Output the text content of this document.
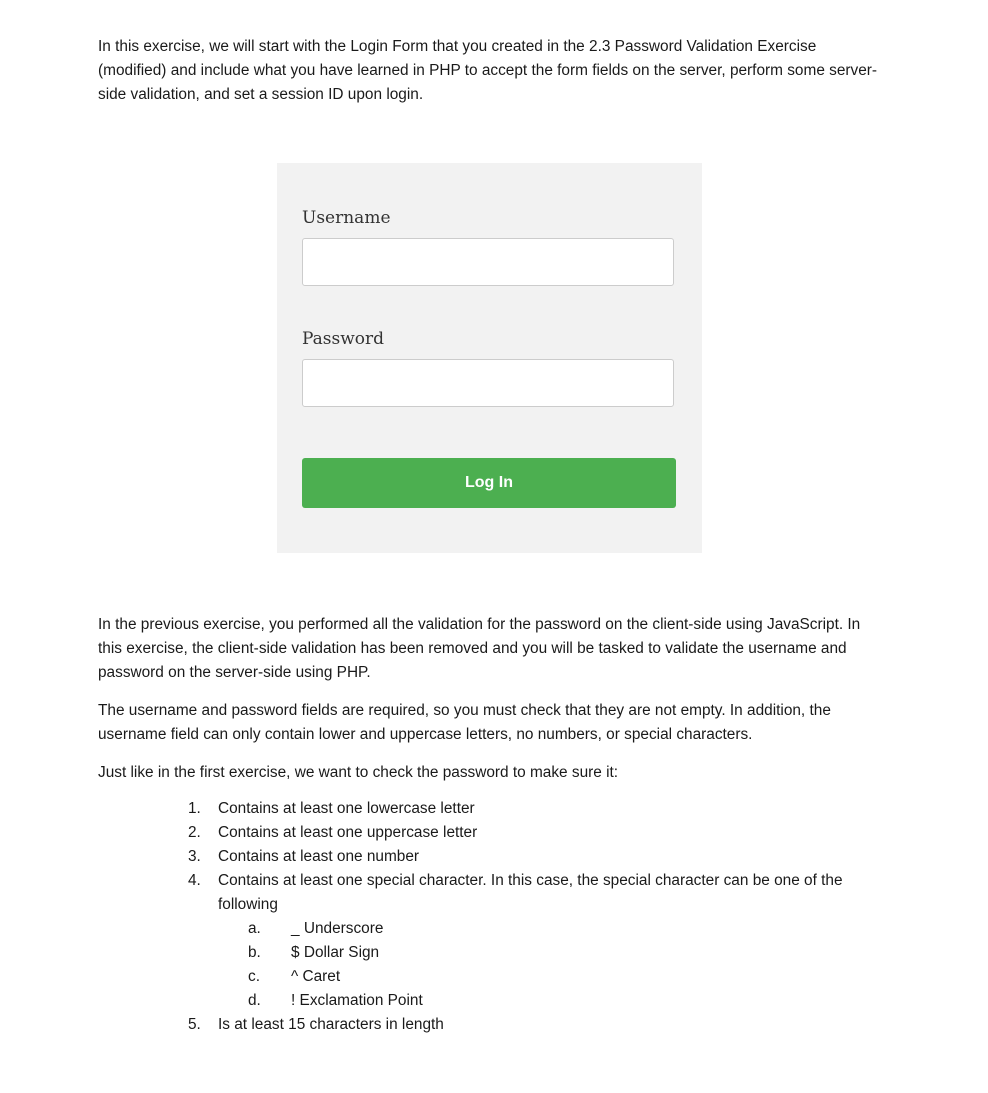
In this exercise, we will start with the Login Form that you created in the 2.3 Password Validation Exercise (modified) and include what you have learned in PHP to accept the form fields on the server, perform some server-side validation, and set a session ID upon login.

Username
Password
Log In

In the previous exercise, you performed all the validation for the password on the client-side using JavaScript. In this exercise, the client-side validation has been removed and you will be tasked to validate the username and password on the server-side using PHP.

The username and password fields are required, so you must check that they are not empty. In addition, the username field can only contain lower and uppercase letters, no numbers, or special characters.

Just like in the first exercise, we want to check the password to make sure it:

1. Contains at least one lowercase letter
2. Contains at least one uppercase letter
3. Contains at least one number
4. Contains at least one special character. In this case, the special character can be one of the following
a. _ Underscore
b. $ Dollar Sign
c. ^ Caret
d. ! Exclamation Point
5. Is at least 15 characters in length
